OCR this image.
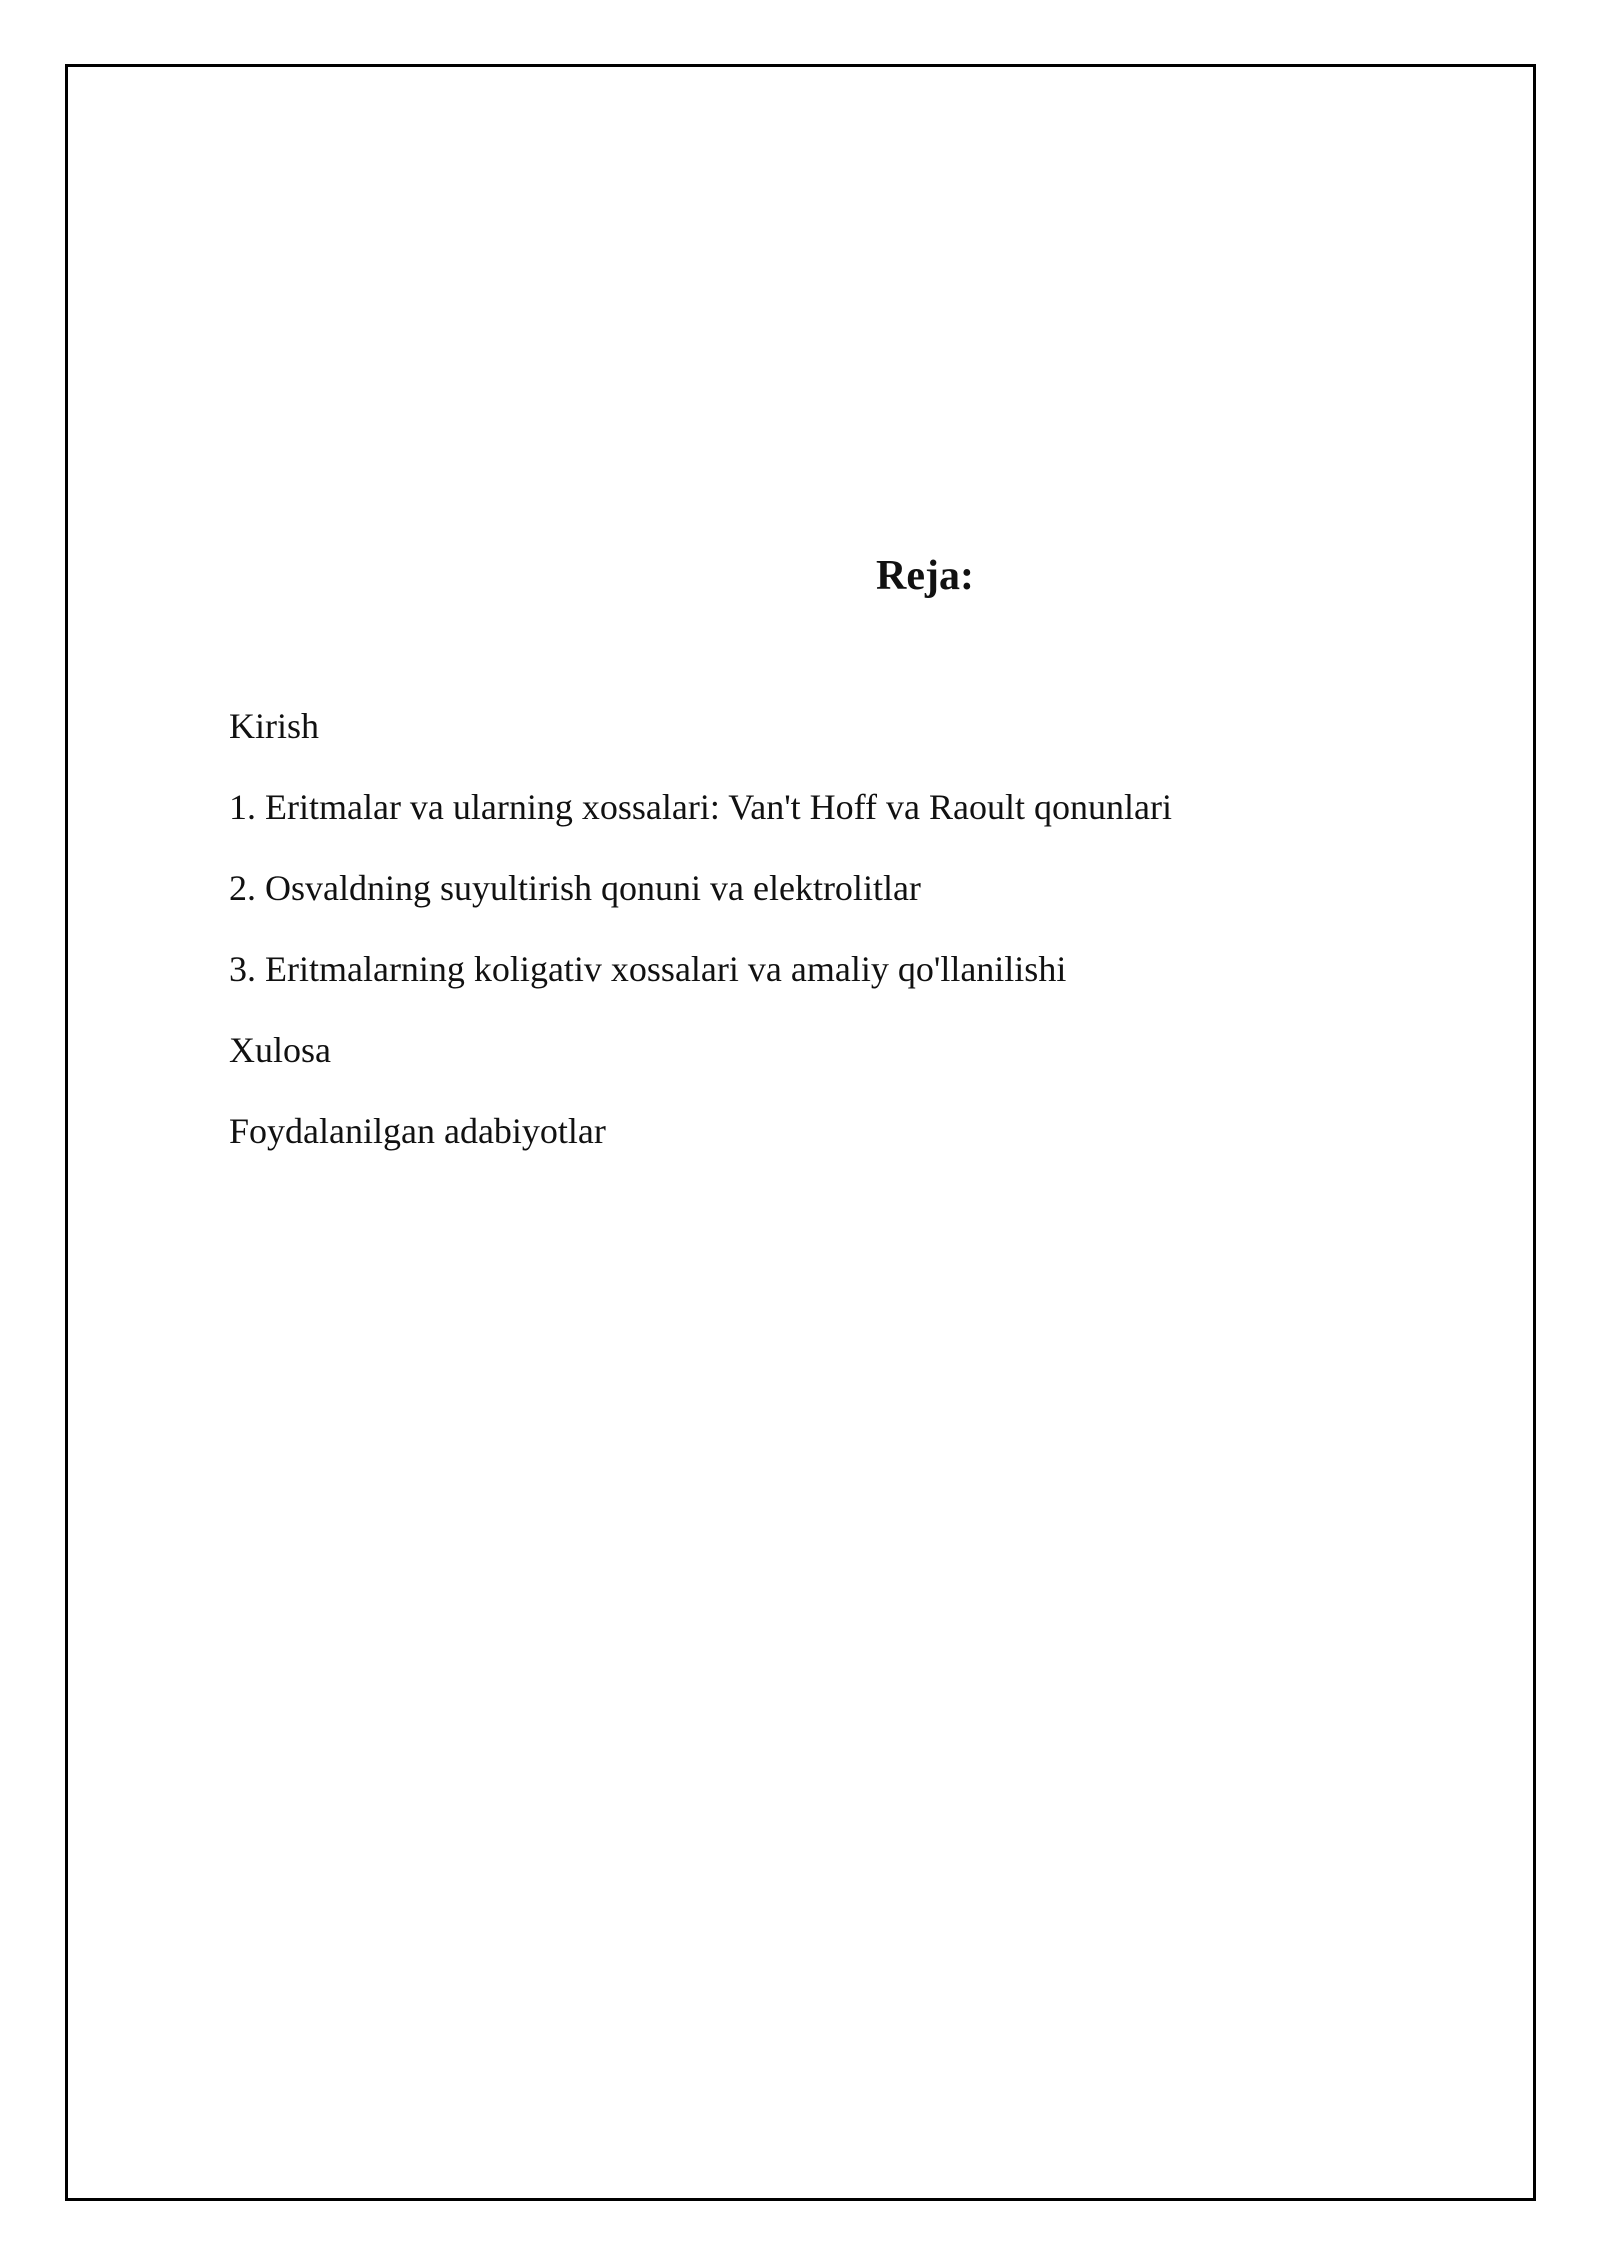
Reja:
Kirish
1. Eritmalar va ularning xossalari: Van't Hoff va Raoult qonunlari
2. Osvaldning suyultirish qonuni va elektrolitlar
3. Eritmalarning koligativ xossalari va amaliy qo'llanilishi
Xulosa
Foydalanilgan adabiyotlar
